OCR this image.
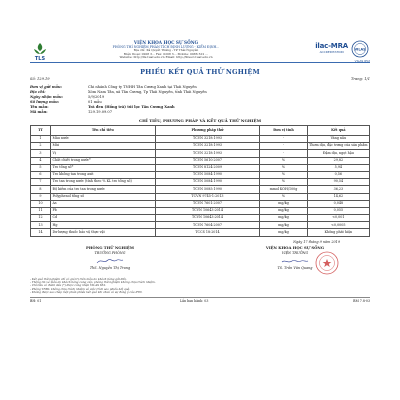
TLS
VIỆN KHOA HỌC SỰ SỐNG
PHÒNG THÍ NGHIỆM PHÂN TÍCH ĐỊNH LƯỢNG - KIỂM ĐỊNH...
Địa chỉ: Xã Quyết Thắng - TP Thái Nguyên
Điện thoại: 0208 3... Fax: 0208 3... Mobile: 0986 612 ...
Website: http://tls.tuaf.edu.vn Email: http://lifesci.tuaf.edu.vn
ilac-MRA
ACCREDITATION
VILAS
VILAS 652
PHIẾU KẾT QUẢ THỬ NGHIỆM
Số: 129.19	Trang: 1/1
Đơn vị gửi mẫu:	Chi nhánh Công ty TNHH Tân Cương Xanh tại Thái Nguyên
Địa chỉ:	Xóm Nam Tân, xã Tân Cương, Tp Thái Nguyên, tỉnh Thái Nguyên
Ngày nhận mẫu:	5/9/2019
Số lượng mẫu:	01 mẫu
Tên mẫu:	Trà đen (Hồng trà) túi lọc Tân Cương Xanh
Mã mẫu:	129.19.09.07
CHỈ TIÊU, PHƯƠNG PHÁP VÀ KẾT QUẢ THỬ NGHIỆM
TT	Tên chỉ tiêu	Phương pháp thử	Đơn vị tính	Kết quả
1	Màu nước	TCVN 3218:1993	-	Vàng nâu
2	Mùi	TCVN 3218:1993	-	Thơm dịu, đặc trưng của sản phẩm
3	Vị	TCVN 3218:1993	-	Đậm dịu, ngọt hậu
4	Chất chiết trong nước*	TCVN 5610:2007	%	29,82
5	Tro tổng số*	TCVN 8124:2009	%	5,94
6	Tro không tan trong axit	TCVN 5084:1990	%	0,56
7	Tro tan trong nước (tính theo % KL tro tổng số)	TCVN 5084:1990	%	90,54
8	Độ kiềm của tro tan trong nước	TCVN 5085:1990	mmol KOH/100g	36,23
9	Polyphenol tổng số	TCVN 9745-1:2013	%	14,62
10	As	TCVN 7601:2007	mg/kg	0,048
11	Pb	TCVN 10643:2014	mg/kg	0,055
12	Cd	TCVN 10643:2014	mg/kg	<0,001
13	Hg	TCVN 7604:2007	mg/kg	<0,0005
14	Dư lượng thuốc bảo vệ thực vật	TCCS 18:2014	mg/kg	Không phát hiện
Ngày 17 tháng 9 năm 2019
PHÒNG THỬ NGHIỆM
TRƯỞNG PHÒNG
ThS. Nguyễn Thị Trang
VIỆN KHOA HỌC SỰ SỐNG
VIỆN TRƯỞNG
TS. Trần Văn Quang
- Kết quả thử nghiệm chỉ có giá trị trên mẫu do khách hàng gửi đến.
- Thông tin về mẫu do khách hàng cung cấp, phòng thử nghiệm không chịu trách nhiệm.
- Chỉ tiêu có đánh dấu (*) được công nhận VILAS 652.
- Phòng TNĐL không chịu trách nhiệm về việc trích sao phiếu kết quả.
- Không được sao chép một phần phiếu kết quả khi chưa có sự đồng ý của PTN.
BH: 01	Lần ban hành: 03	BM 7.8-03
